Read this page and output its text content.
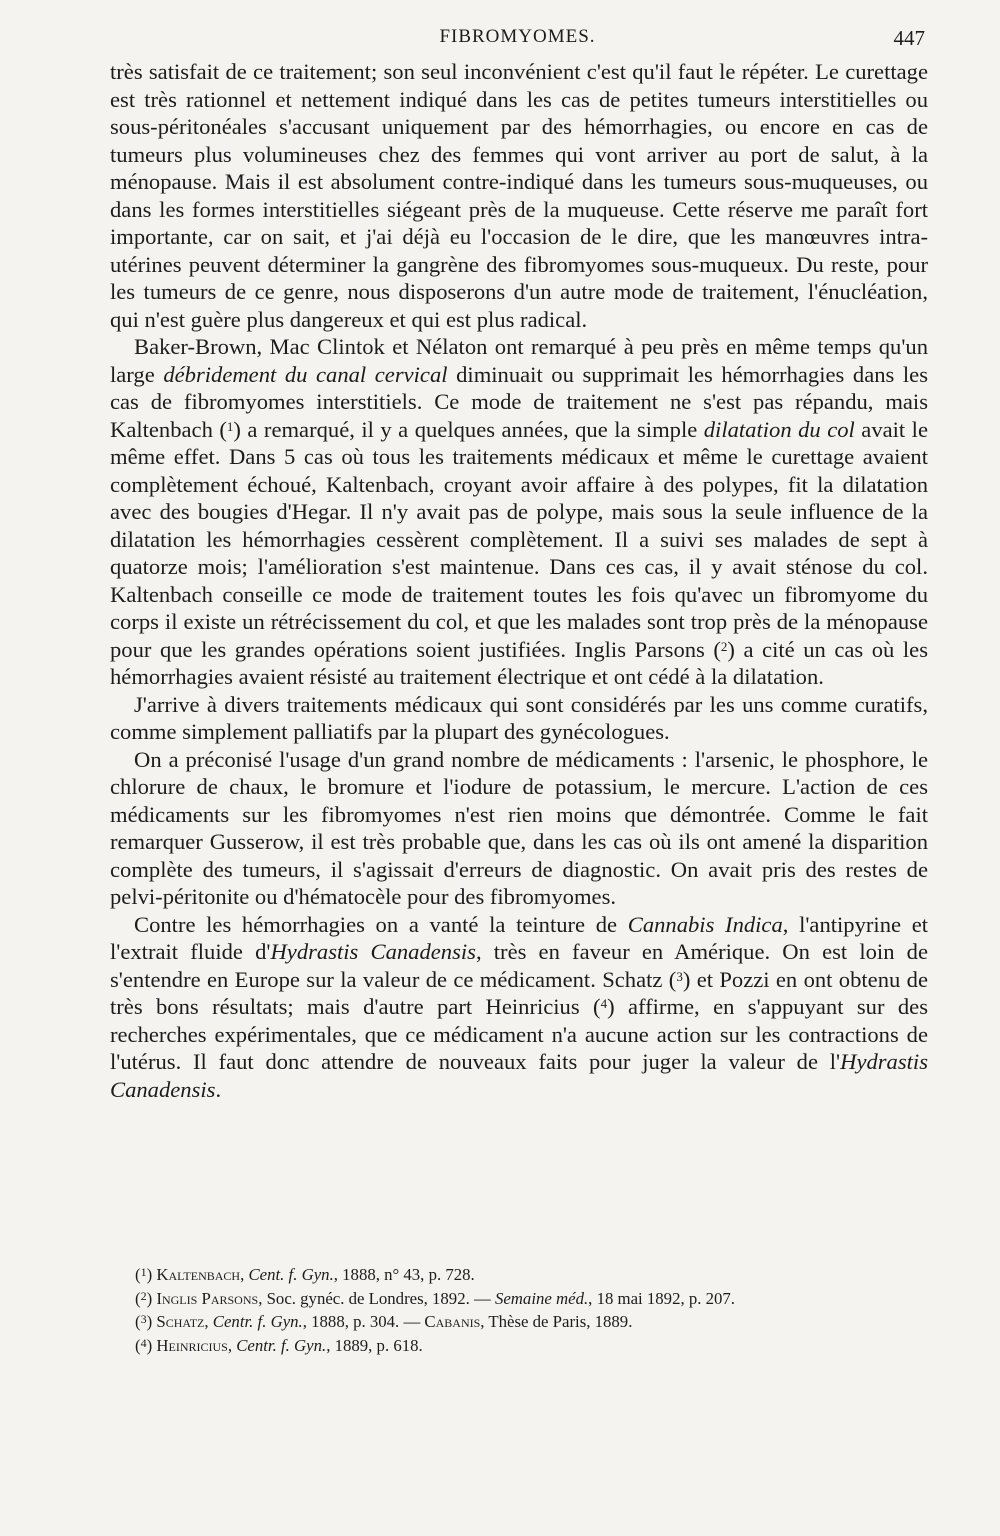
FIBROMYOMES.	447

très satisfait de ce traitement; son seul inconvénient c'est qu'il faut le répéter. Le curettage est très rationnel et nettement indiqué dans les cas de petites tumeurs interstitielles ou sous-péritonéales s'accusant uniquement par des hémorrhagies, ou encore en cas de tumeurs plus volumineuses chez des femmes qui vont arriver au port de salut, à la ménopause. Mais il est absolument contre-indiqué dans les tumeurs sous-muqueuses, ou dans les formes interstitielles siégeant près de la muqueuse. Cette réserve me paraît fort importante, car on sait, et j'ai déjà eu l'occasion de le dire, que les manœuvres intra-utérines peuvent déterminer la gangrène des fibromyomes sous-muqueux. Du reste, pour les tumeurs de ce genre, nous disposerons d'un autre mode de traitement, l'énucléation, qui n'est guère plus dangereux et qui est plus radical.

Baker-Brown, Mac Clintok et Nélaton ont remarqué à peu près en même temps qu'un large débridement du canal cervical diminuait ou supprimait les hémorrhagies dans les cas de fibromyomes interstitiels. Ce mode de traitement ne s'est pas répandu, mais Kaltenbach ($^1$) a remarqué, il y a quelques années, que la simple dilatation du col avait le même effet. Dans 5 cas où tous les traitements médicaux et même le curettage avaient complètement échoué, Kaltenbach, croyant avoir affaire à des polypes, fit la dilatation avec des bougies d'Hegar. Il n'y avait pas de polype, mais sous la seule influence de la dilatation les hémorrhagies cessèrent complètement. Il a suivi ses malades de sept à quatorze mois; l'amélioration s'est maintenue. Dans ces cas, il y avait sténose du col. Kaltenbach conseille ce mode de traitement toutes les fois qu'avec un fibromyome du corps il existe un rétrécissement du col, et que les malades sont trop près de la ménopause pour que les grandes opérations soient justifiées. Inglis Parsons ($^2$) a cité un cas où les hémorrhagies avaient résisté au traitement électrique et ont cédé à la dilatation.

J'arrive à divers traitements médicaux qui sont considérés par les uns comme curatifs, comme simplement palliatifs par la plupart des gynécologues.

On a préconisé l'usage d'un grand nombre de médicaments : l'arsenic, le phosphore, le chlorure de chaux, le bromure et l'iodure de potassium, le mercure. L'action de ces médicaments sur les fibromyomes n'est rien moins que démontrée. Comme le fait remarquer Gusserow, il est très probable que, dans les cas où ils ont amené la disparition complète des tumeurs, il s'agissait d'erreurs de diagnostic. On avait pris des restes de pelvi-péritonite ou d'hématocèle pour des fibromyomes.

Contre les hémorrhagies on a vanté la teinture de Cannabis Indica, l'antipyrine et l'extrait fluide d'Hydrastis Canadensis, très en faveur en Amérique. On est loin de s'entendre en Europe sur la valeur de ce médicament. Schatz ($^3$) et Pozzi en ont obtenu de très bons résultats; mais d'autre part Heinricius ($^4$) affirme, en s'appuyant sur des recherches expérimentales, que ce médicament n'a aucune action sur les contractions de l'utérus. Il faut donc attendre de nouveaux faits pour juger la valeur de l'Hydrastis Canadensis.

($^1$) Kaltenbach, Cent. f. Gyn., 1888, n° 43, p. 728.

($^2$) Inglis Parsons, Soc. gynéc. de Londres, 1892. — Semaine méd., 18 mai 1892, p. 207.

($^3$) Schatz, Centr. f. Gyn., 1888, p. 304. — Cabanis, Thèse de Paris, 1889.

($^4$) Heinricius, Centr. f. Gyn., 1889, p. 618.
